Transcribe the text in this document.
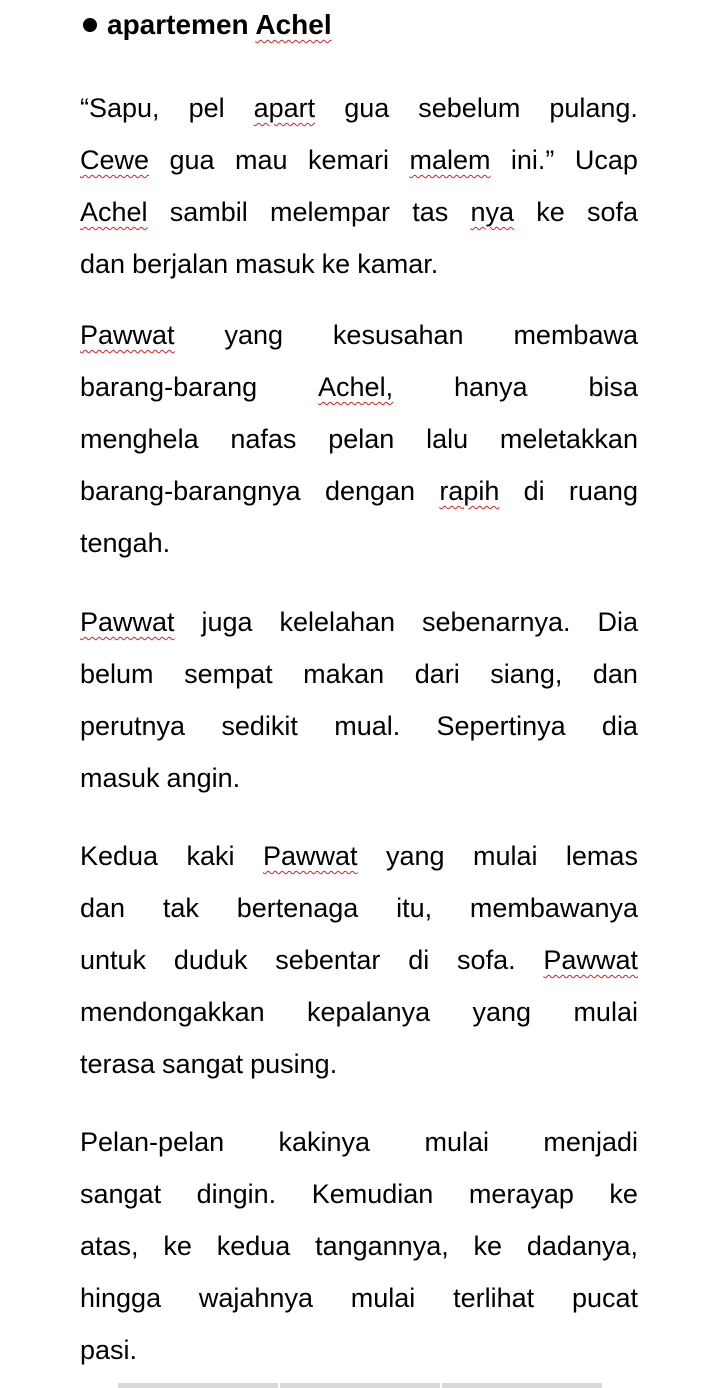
apartemen Achel
“Sapu, pel apart gua sebelum pulang.
Cewe gua mau kemari malem ini.” Ucap
Achel sambil melempar tas nya ke sofa
dan berjalan masuk ke kamar.
Pawwat yang kesusahan membawa
barang-barang Achel, hanya bisa
menghela nafas pelan lalu meletakkan
barang-barangnya dengan rapih di ruang
tengah.
Pawwat juga kelelahan sebenarnya. Dia
belum sempat makan dari siang, dan
perutnya sedikit mual. Sepertinya dia
masuk angin.
Kedua kaki Pawwat yang mulai lemas
dan tak bertenaga itu, membawanya
untuk duduk sebentar di sofa. Pawwat
mendongakkan kepalanya yang mulai
terasa sangat pusing.
Pelan-pelan kakinya mulai menjadi
sangat dingin. Kemudian merayap ke
atas, ke kedua tangannya, ke dadanya,
hingga wajahnya mulai terlihat pucat
pasi.
